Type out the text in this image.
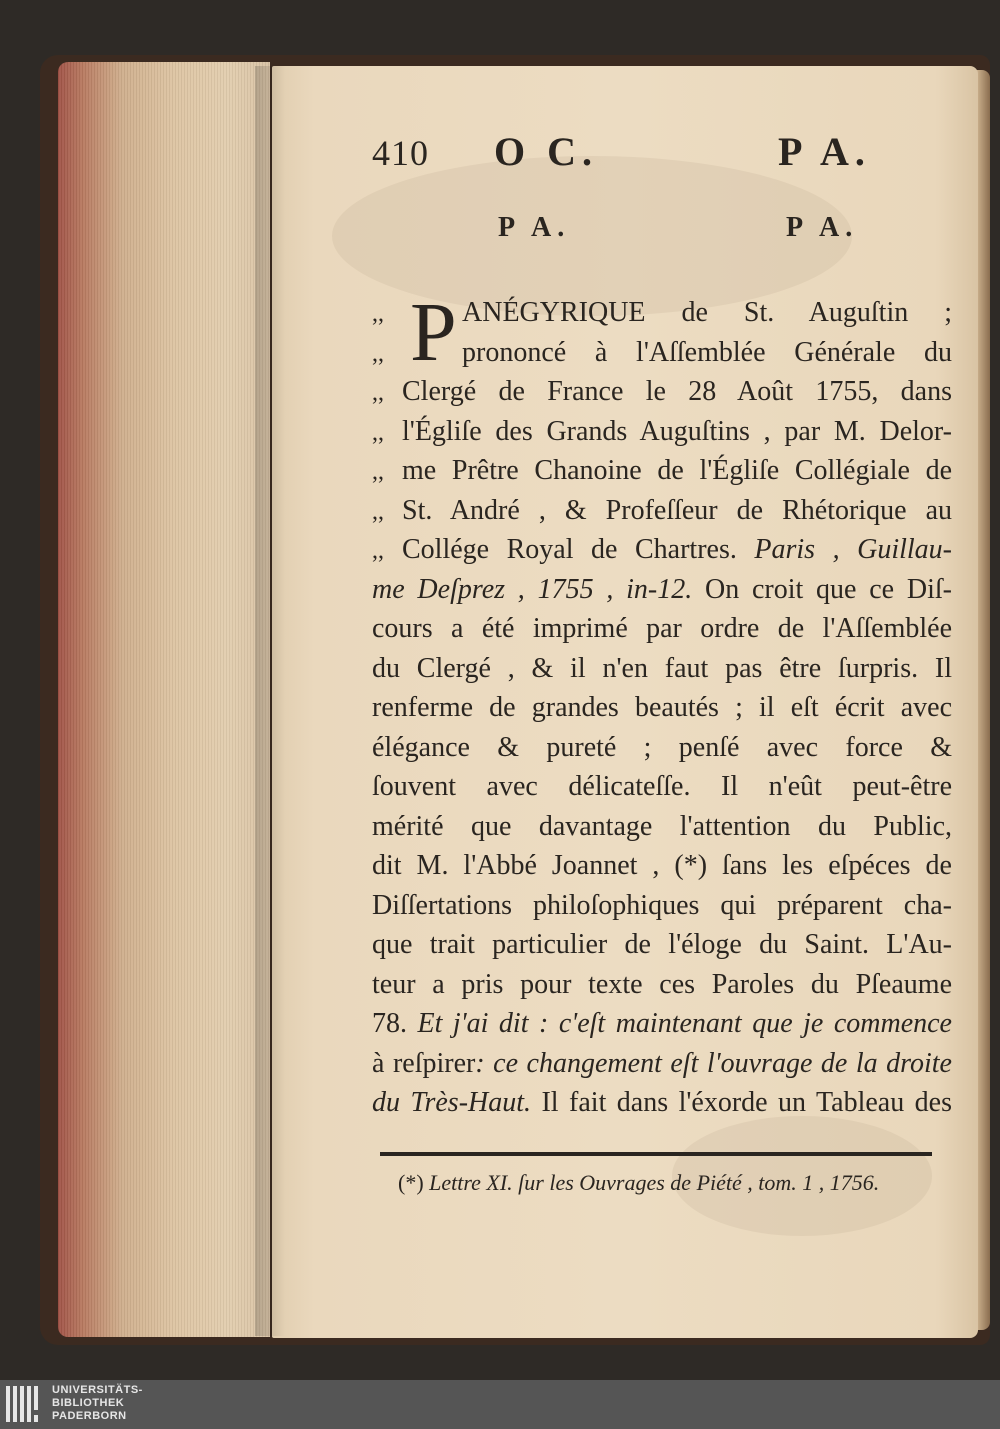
410 O C.	P A.
P A.	P A.
P
,,	ANÉGYRIQUE de St. Auguſtin ;
,,	prononcé à l'Aſſemblée Générale du
,, Clergé de France le 28 Août 1755, dans
,, l'Égliſe des Grands Auguſtins , par M. Delor-
,, me Prêtre Chanoine de l'Égliſe Collégiale de
,, St. André , & Profeſſeur de Rhétorique au
,, Collége Royal de Chartres. Paris , Guillau-
me Deſprez , 1755 , in-12. On croit que ce Diſ-
cours a été imprimé par ordre de l'Aſſemblée
du Clergé , & il n'en faut pas être ſurpris. Il
renferme de grandes beautés ; il eſt écrit avec
élégance & pureté ; penſé avec force &
ſouvent avec délicateſſe. Il n'eût peut-être
mérité que davantage l'attention du Public,
dit M. l'Abbé Joannet , (*) ſans les eſpéces de
Diſſertations philoſophiques qui préparent cha-
que trait particulier de l'éloge du Saint. L'Au-
teur a pris pour texte ces Paroles du Pſeaume
78. Et j'ai dit : c'eſt maintenant que je commence
à reſpirer: ce changement eſt l'ouvrage de la droite
du Très-Haut. Il fait dans l'éxorde un Tableau des
(*) Lettre XI. ſur les Ouvrages de Piété , tom. 1 , 1756.
UNIVERSITÄTS-
BIBLIOTHEK
PADERBORN
